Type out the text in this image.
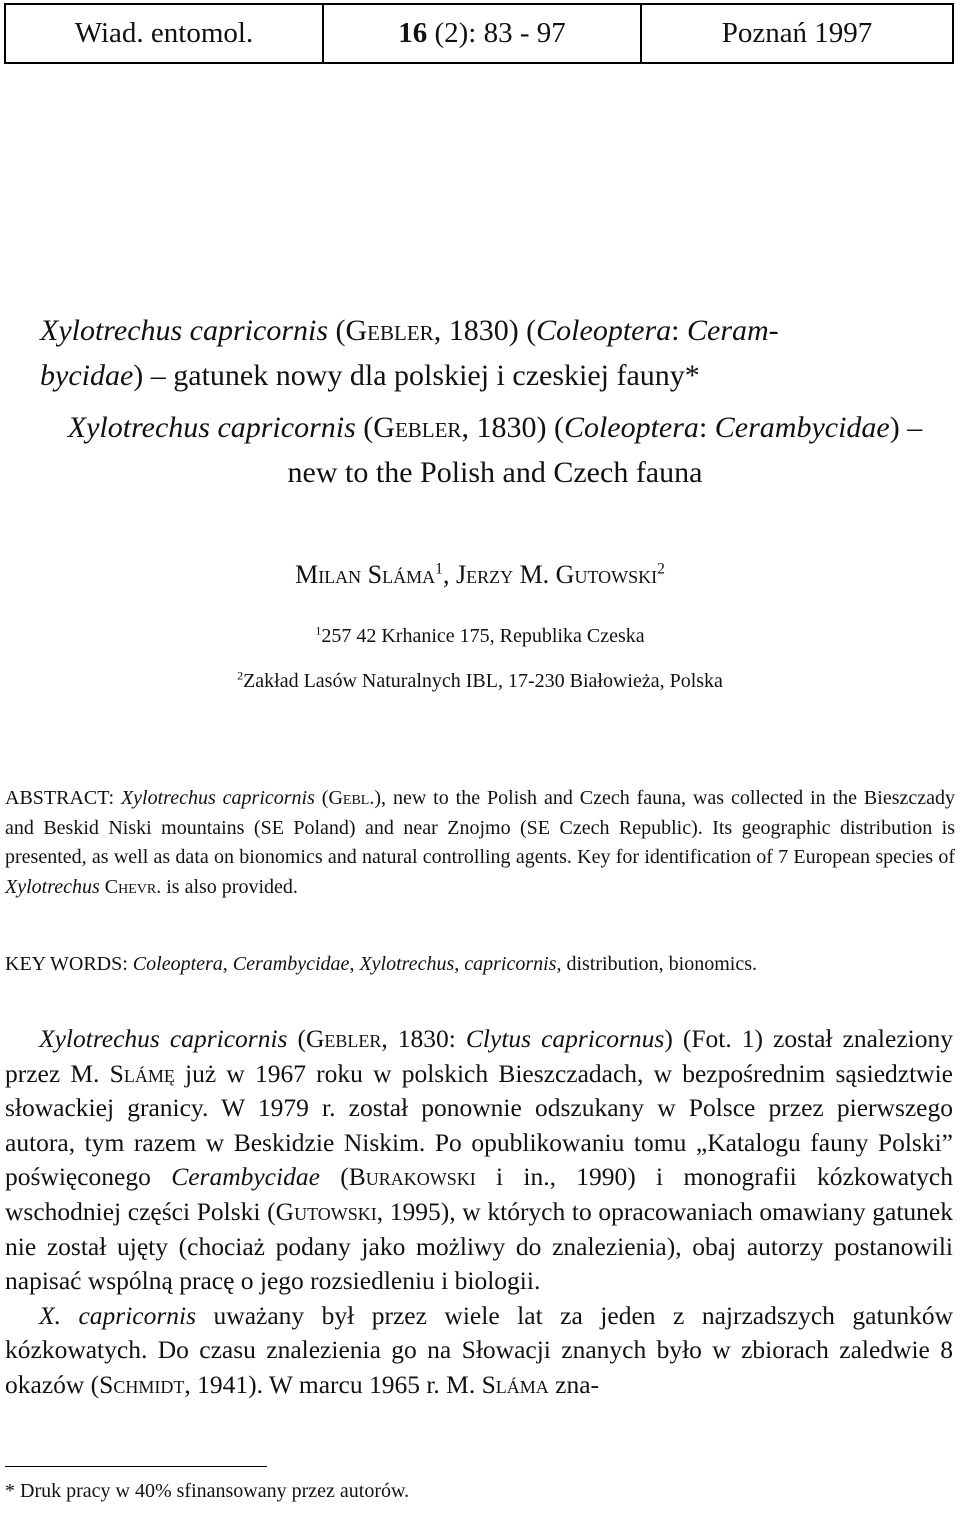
Wiad. entomol.	16
(2): 83 - 97	Poznań 1997
Xylotrechus capricornis (Gebler, 1830) (Coleoptera: Ceram-
bycidae) – gatunek nowy dla polskiej i czeskiej fauny*
Xylotrechus capricornis (Gebler, 1830) (Coleoptera: Cerambycidae) – new to the Polish and Czech fauna
Milan Sláma$^1$, Jerzy M. Gutowski$^2$
$^1$257 42 Krhanice 175, Republika Czeska
$^2$Zakład Lasów Naturalnych IBL, 17-230 Białowieża, Polska
ABSTRACT: Xylotrechus capricornis (Gebl.), new to the Polish and Czech fauna, was collected in the Bieszczady and Beskid Niski mountains (SE Poland) and near Znojmo (SE Czech Republic). Its geographic distribution is presented, as well as data on bionomics and natural controlling agents. Key for identification of 7 European species of Xylotrechus Chevr. is also provided.
KEY WORDS: Coleoptera, Cerambycidae, Xylotrechus, capricornis, distribution, bionomics.

Xylotrechus capricornis (Gebler, 1830: Clytus capricornus) (Fot. 1) został znaleziony przez M. Slámę już w 1967 roku w polskich Bieszczadach, w bezpośrednim sąsiedztwie słowackiej granicy. W 1979 r. został ponownie odszukany w Polsce przez pierwszego autora, tym razem w Beskidzie Niskim. Po opublikowaniu tomu „Katalogu fauny Polski” poświęconego Cerambycidae (Burakowski i in., 1990) i monografii kózkowatych wschodniej części Polski (Gutowski, 1995), w których to opracowaniach omawiany gatunek nie został ujęty (chociaż podany jako możliwy do znalezienia), obaj autorzy postanowili napisać wspólną pracę o jego rozsiedleniu i biologii.

X. capricornis uważany był przez wiele lat za jeden z najrzadszych gatunków kózkowatych. Do czasu znalezienia go na Słowacji znanych było w zbiorach zaledwie 8 okazów (Schmidt, 1941). W marcu 1965 r. M. Sláma zna-

* Druk pracy w 40% sfinansowany przez autorów.
